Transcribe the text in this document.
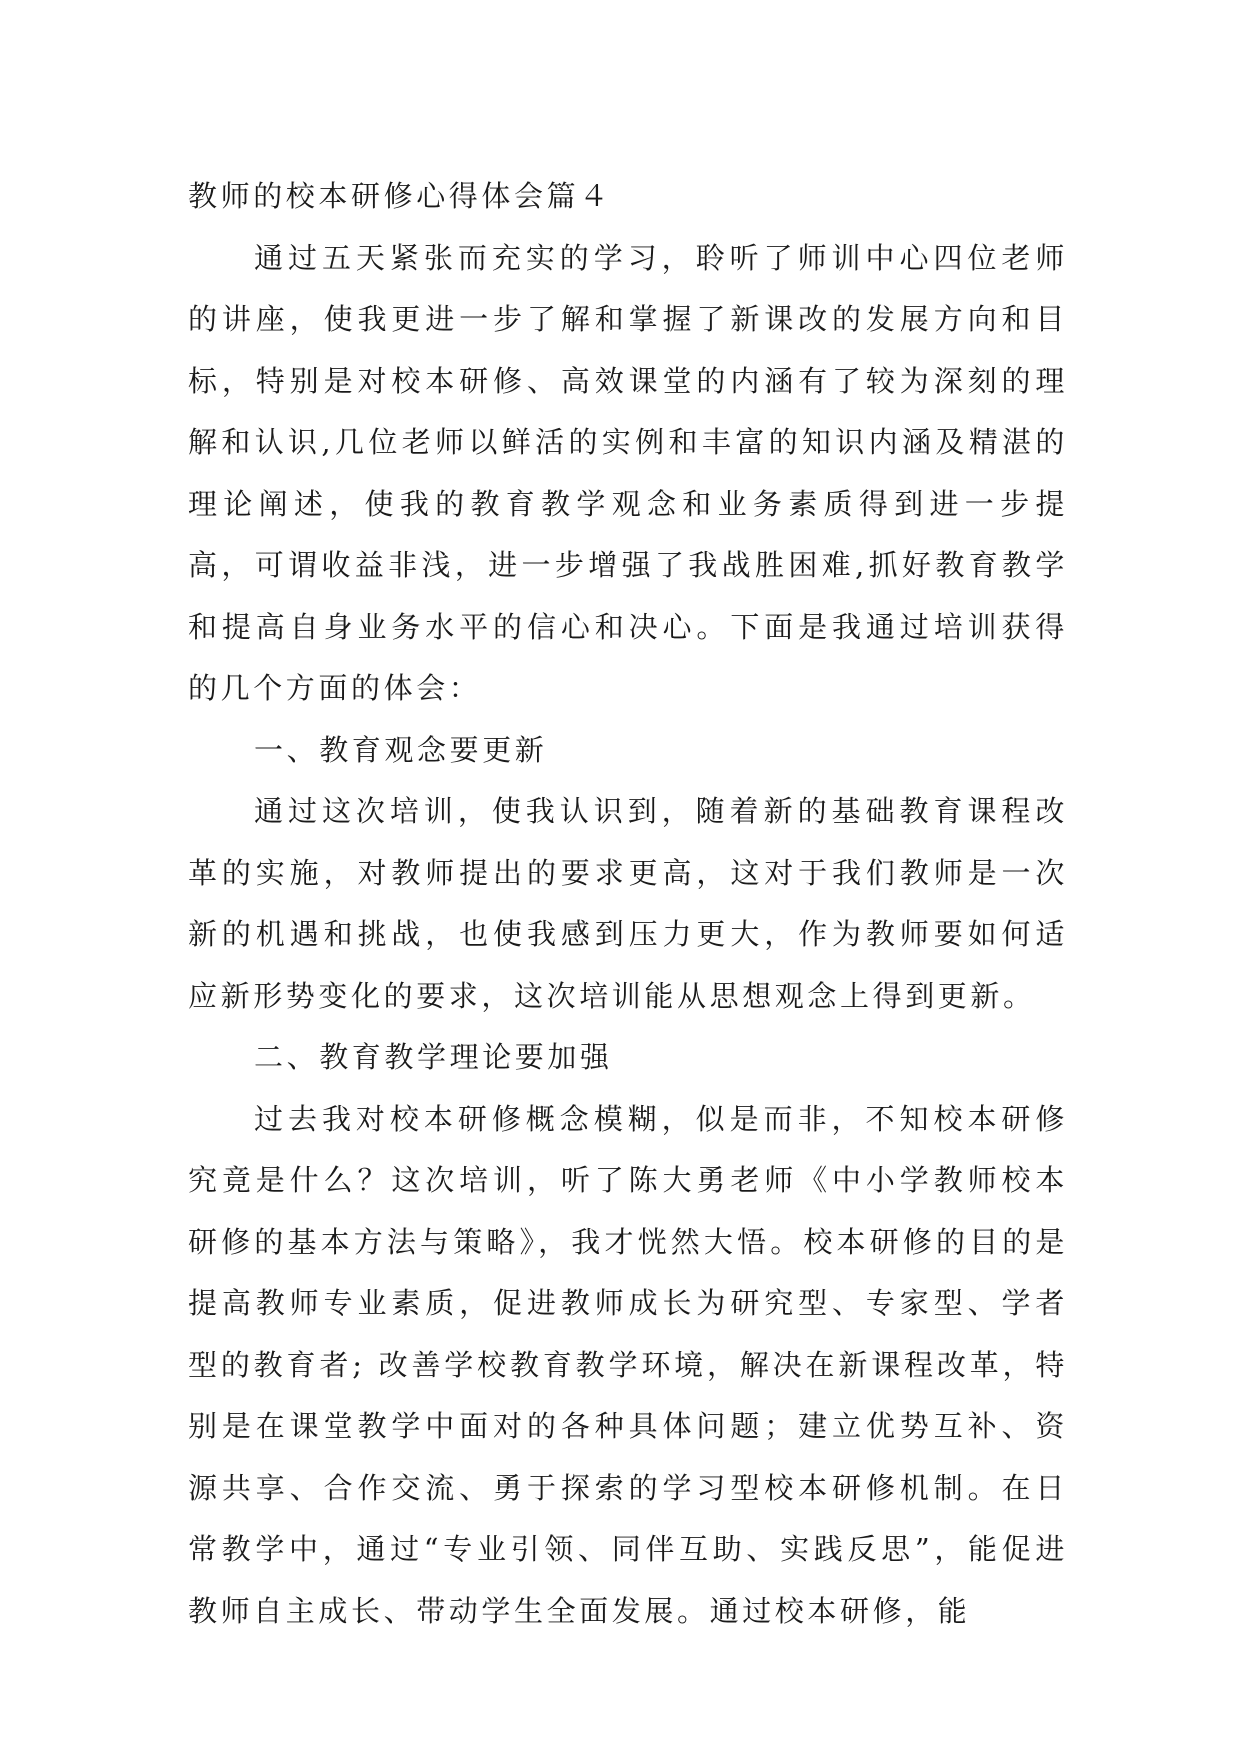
教师的校本研修心得体会篇４

通过五天紧张而充实的学习，聆听了师训中心四位老师的讲座，使我更进一步了解和掌握了新课改的发展方向和目标，特别是对校本研修、高效课堂的内涵有了较为深刻的理解和认识,几位老师以鲜活的实例和丰富的知识内涵及精湛的理论阐述，使我的教育教学观念和业务素质得到进一步提高，可谓收益非浅，进一步增强了我战胜困难,抓好教育教学和提高自身业务水平的信心和决心。下面是我通过培训获得的几个方面的体会：

一、教育观念要更新

通过这次培训，使我认识到，随着新的基础教育课程改革的实施，对教师提出的要求更高，这对于我们教师是一次新的机遇和挑战，也使我感到压力更大，作为教师要如何适应新形势变化的要求，这次培训能从思想观念上得到更新。

二、教育教学理论要加强

过去我对校本研修概念模糊，似是而非，不知校本研修究竟是什么？这次培训，听了陈大勇老师《中小学教师校本研修的基本方法与策略》，我才恍然大悟。校本研修的目的是提高教师专业素质，促进教师成长为研究型、专家型、学者型的教育者; 改善学校教育教学环境，解决在新课程改革，特别是在课堂教学中面对的各种具体问题；建立优势互补、资源共享、合作交流、勇于探索的学习型校本研修机制。在日常教学中，通过“专业引领、同伴互助、实践反思”，能促进教师自主成长、带动学生全面发展。通过校本研修，能
